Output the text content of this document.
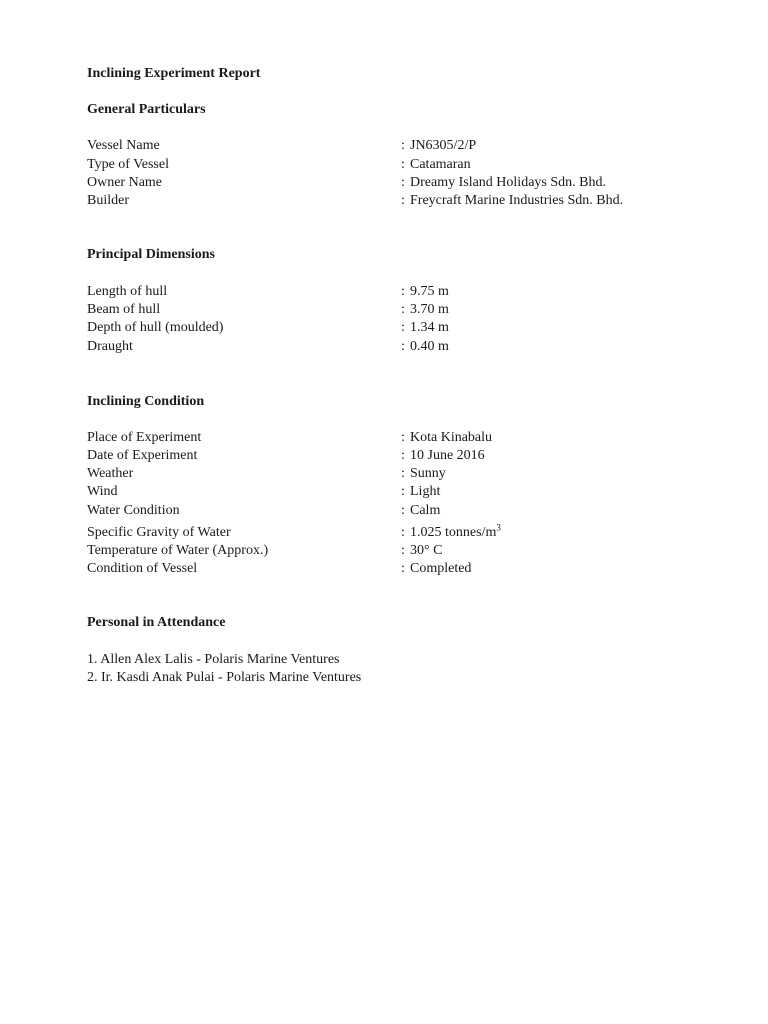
Inclining Experiment Report
General Particulars
Vessel Name	: JN6305/2/P
Type of Vessel	: Catamaran
Owner Name	: Dreamy Island Holidays Sdn. Bhd.
Builder	: Freycraft Marine Industries Sdn. Bhd.
Principal Dimensions
Length of hull	: 9.75 m
Beam of hull	: 3.70 m
Depth of hull (moulded)	: 1.34 m
Draught	: 0.40 m
Inclining Condition
Place of Experiment	: Kota Kinabalu
Date of Experiment	: 10 June 2016
Weather	: Sunny
Wind	: Light
Water Condition	: Calm
Specific Gravity of Water	: 1.025 tonnes/$m^3$
Temperature of Water (Approx.)	: 30° C
Condition of Vessel	: Completed
Personal in Attendance
1. Allen Alex Lalis - Polaris Marine Ventures
2. Ir. Kasdi Anak Pulai - Polaris Marine Ventures
